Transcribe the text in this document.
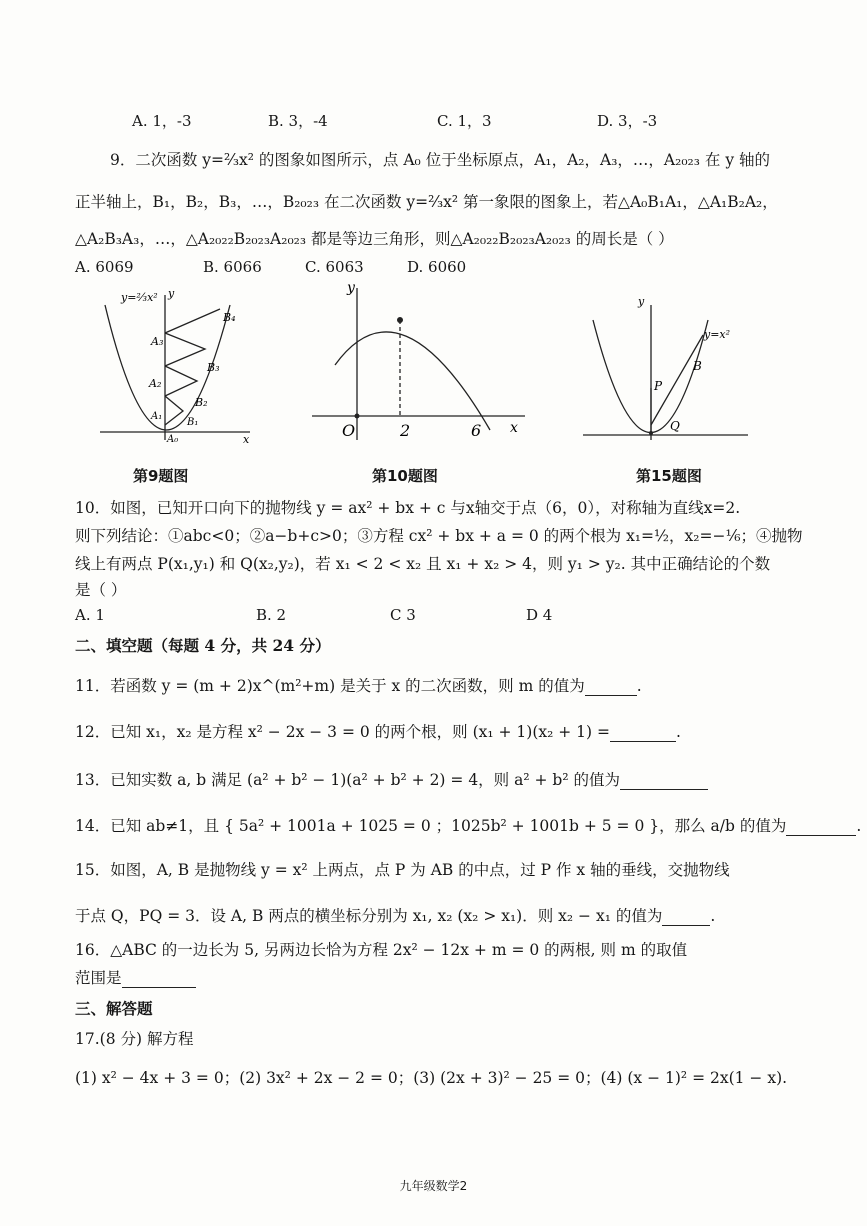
A. 1，-3	B. 3，-4	C. 1，3	D. 3，-3
9．二次函数 y=²⁄₃x² 的图象如图所示，点 A₀ 位于坐标原点，A₁，A₂，A₃，…，A₂₀₂₃ 在 y 轴的
正半轴上，B₁，B₂，B₃，…，B₂₀₂₃ 在二次函数 y=²⁄₃x² 第一象限的图象上，若△A₀B₁A₁，△A₁B₂A₂，
△A₂B₃A₃，…，△A₂₀₂₂B₂₀₂₃A₂₀₂₃ 都是等边三角形，则△A₂₀₂₂B₂₀₂₃A₂₀₂₃ 的周长是（ ）
A. 6069	B. 6066	C. 6063	D. 6060
y=²⁄₃x²
A₃
B₄
B₃
A₂
B₂
A₁
B₁
A₀
y
x
第9题图
y
O	2	6 x
第10题图
y
y=x²
B
P
Q
第15题图
10．如图，已知开口向下的抛物线 y = ax² + bx + c 与x轴交于点（6，0），对称轴为直线x=2.
则下列结论：①abc<0；②a−b+c>0；③方程 cx² + bx + a = 0 的两个根为 x₁=½，x₂=−⅙；④抛物
线上有两点 P(x₁,y₁) 和 Q(x₂,y₂)，若 x₁ < 2 < x₂ 且 x₁ + x₂ > 4，则 y₁ > y₂. 其中正确结论的个数
是（ ）
A. 1	B. 2	C 3	D 4
二、填空题（每题 4 分，共 24 分）
11．若函数 y = (m + 2)x^(m²+m) 是关于 x 的二次函数，则 m 的值为	.
12．已知 x₁，x₂ 是方程 x² − 2x − 3 = 0 的两个根，则 (x₁ + 1)(x₂ + 1) =	.
13．已知实数 a, b 满足 (a² + b² − 1)(a² + b² + 2) = 4，则 a² + b² 的值为
14．已知 ab≠1，且 { 5a² + 1001a + 1025 = 0 ；1025b² + 1001b + 5 = 0 }，那么 a/b 的值为	.
15．如图，A, B 是抛物线 y = x² 上两点，点 P 为 AB 的中点，过 P 作 x 轴的垂线，交抛物线
于点 Q，PQ = 3．设 A, B 两点的横坐标分别为 x₁, x₂ (x₂ > x₁)．则 x₂ − x₁ 的值为	.
16．△ABC 的一边长为 5, 另两边长恰为方程 2x² − 12x + m = 0 的两根, 则 m 的取值
范围是
三、解答题
17.(8 分) 解方程
(1) x² − 4x + 3 = 0；(2) 3x² + 2x − 2 = 0；(3) (2x + 3)² − 25 = 0；(4) (x − 1)² = 2x(1 − x).
九年级数学2
